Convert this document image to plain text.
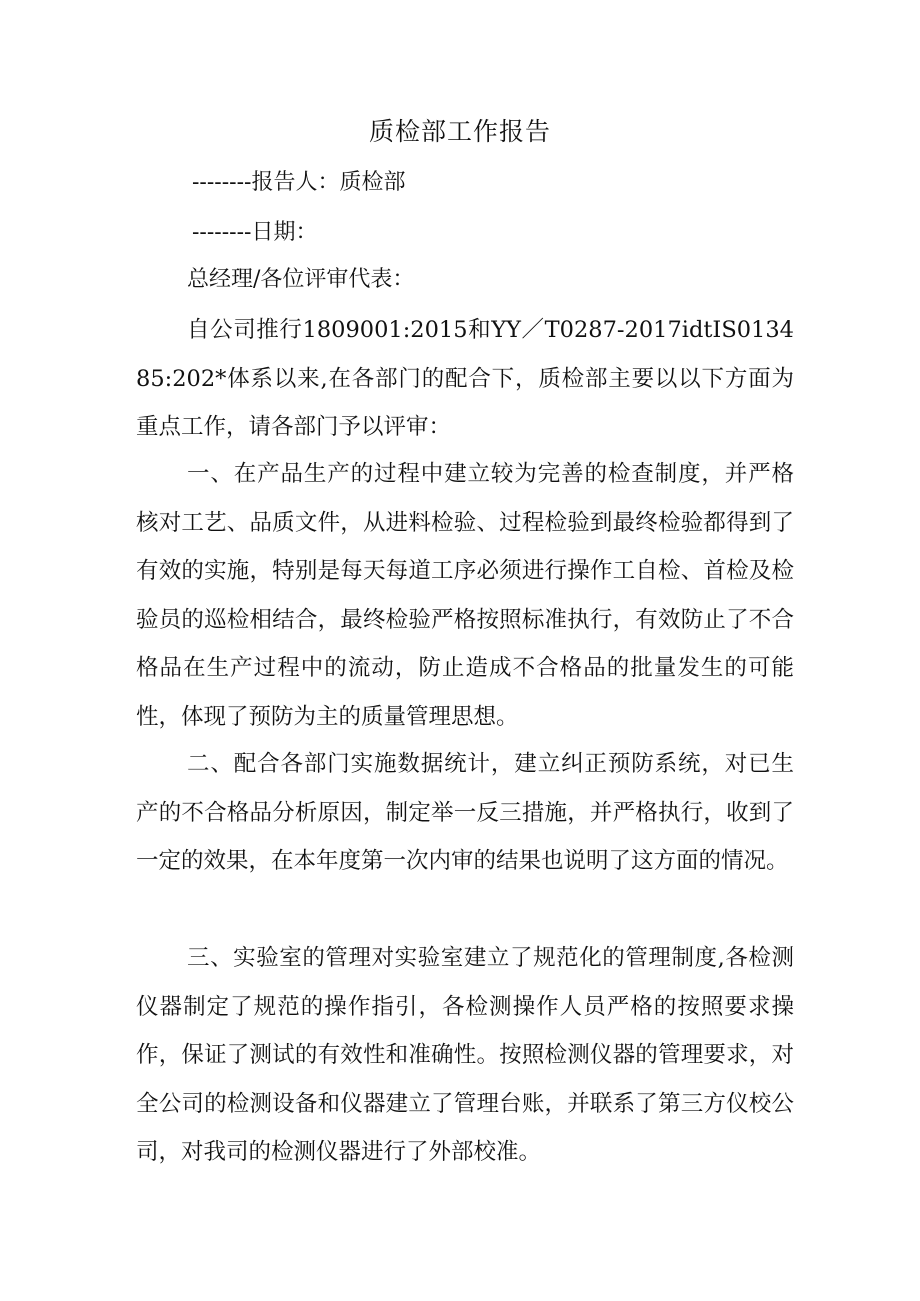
质检部工作报告
--------报告人：质检部
--------日期：
总经理/各位评审代表：

自公司推行1809001:2015和YY／T0287-2017idtIS013485:202*体系以来,在各部门的配合下，质检部主要以以下方面为重点工作，请各部门予以评审：

一、在产品生产的过程中建立较为完善的检查制度，并严格核对工艺、品质文件，从进料检验、过程检验到最终检验都得到了有效的实施，特别是每天每道工序必须进行操作工自检、首检及检验员的巡检相结合，最终检验严格按照标准执行，有效防止了不合格品在生产过程中的流动，防止造成不合格品的批量发生的可能性，体现了预防为主的质量管理思想。

二、配合各部门实施数据统计，建立纠正预防系统，对已生产的不合格品分析原因，制定举一反三措施，并严格执行，收到了一定的效果，在本年度第一次内审的结果也说明了这方面的情况。

三、实验室的管理对实验室建立了规范化的管理制度,各检测仪器制定了规范的操作指引，各检测操作人员严格的按照要求操作，保证了测试的有效性和准确性。按照检测仪器的管理要求，对全公司的检测设备和仪器建立了管理台账，并联系了第三方仪校公司，对我司的检测仪器进行了外部校准。
